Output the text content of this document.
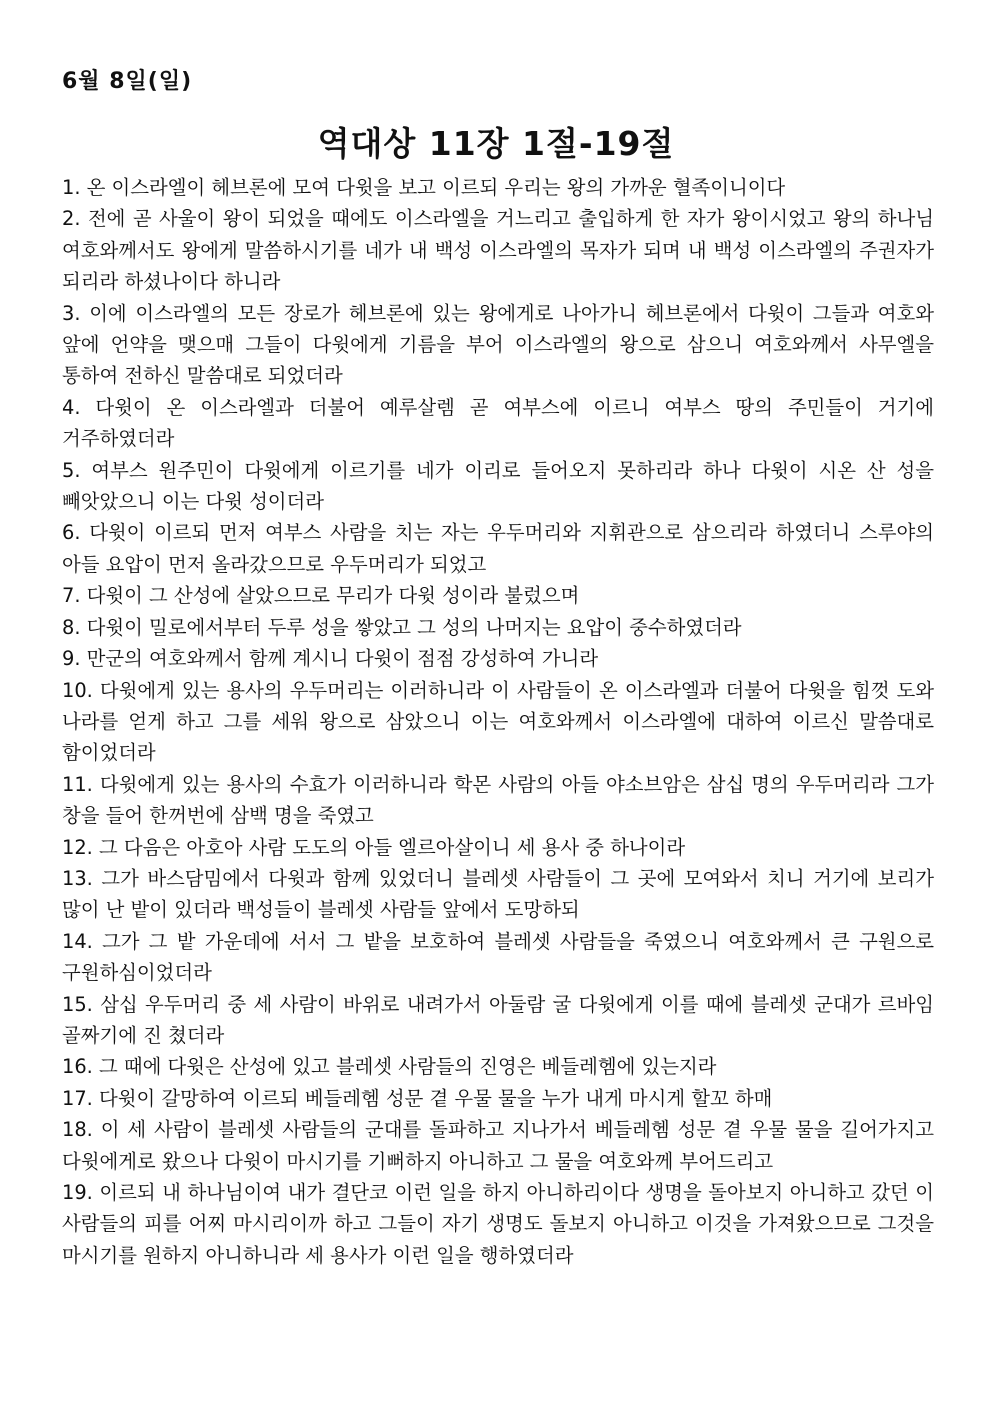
6월 8일(일)
역대상 11장 1절-19절

1. 온 이스라엘이 헤브론에 모여 다윗을 보고 이르되 우리는 왕의 가까운 혈족이니이다

2. 전에 곧 사울이 왕이 되었을 때에도 이스라엘을 거느리고 출입하게 한 자가 왕이시었고 왕의 하나님 여호와께서도 왕에게 말씀하시기를 네가 내 백성 이스라엘의 목자가 되며 내 백성 이스라엘의 주권자가 되리라 하셨나이다 하니라

3. 이에 이스라엘의 모든 장로가 헤브론에 있는 왕에게로 나아가니 헤브론에서 다윗이 그들과 여호와 앞에 언약을 맺으매 그들이 다윗에게 기름을 부어 이스라엘의 왕으로 삼으니 여호와께서 사무엘을 통하여 전하신 말씀대로 되었더라

4. 다윗이 온 이스라엘과 더불어 예루살렘 곧 여부스에 이르니 여부스 땅의 주민들이 거기에 거주하였더라

5. 여부스 원주민이 다윗에게 이르기를 네가 이리로 들어오지 못하리라 하나 다윗이 시온 산 성을 빼앗았으니 이는 다윗 성이더라

6. 다윗이 이르되 먼저 여부스 사람을 치는 자는 우두머리와 지휘관으로 삼으리라 하였더니 스루야의 아들 요압이 먼저 올라갔으므로 우두머리가 되었고

7. 다윗이 그 산성에 살았으므로 무리가 다윗 성이라 불렀으며

8. 다윗이 밀로에서부터 두루 성을 쌓았고 그 성의 나머지는 요압이 중수하였더라

9. 만군의 여호와께서 함께 계시니 다윗이 점점 강성하여 가니라

10. 다윗에게 있는 용사의 우두머리는 이러하니라 이 사람들이 온 이스라엘과 더불어 다윗을 힘껏 도와 나라를 얻게 하고 그를 세워 왕으로 삼았으니 이는 여호와께서 이스라엘에 대하여 이르신 말씀대로 함이었더라

11. 다윗에게 있는 용사의 수효가 이러하니라 학몬 사람의 아들 야소브암은 삼십 명의 우두머리라 그가 창을 들어 한꺼번에 삼백 명을 죽였고

12. 그 다음은 아호아 사람 도도의 아들 엘르아살이니 세 용사 중 하나이라

13. 그가 바스담밈에서 다윗과 함께 있었더니 블레셋 사람들이 그 곳에 모여와서 치니 거기에 보리가 많이 난 밭이 있더라 백성들이 블레셋 사람들 앞에서 도망하되

14. 그가 그 밭 가운데에 서서 그 밭을 보호하여 블레셋 사람들을 죽였으니 여호와께서 큰 구원으로 구원하심이었더라

15. 삼십 우두머리 중 세 사람이 바위로 내려가서 아둘람 굴 다윗에게 이를 때에 블레셋 군대가 르바임 골짜기에 진 쳤더라

16. 그 때에 다윗은 산성에 있고 블레셋 사람들의 진영은 베들레헴에 있는지라

17. 다윗이 갈망하여 이르되 베들레헴 성문 곁 우물 물을 누가 내게 마시게 할꼬 하매

18. 이 세 사람이 블레셋 사람들의 군대를 돌파하고 지나가서 베들레헴 성문 곁 우물 물을 길어가지고 다윗에게로 왔으나 다윗이 마시기를 기뻐하지 아니하고 그 물을 여호와께 부어드리고

19. 이르되 내 하나님이여 내가 결단코 이런 일을 하지 아니하리이다 생명을 돌아보지 아니하고 갔던 이 사람들의 피를 어찌 마시리이까 하고 그들이 자기 생명도 돌보지 아니하고 이것을 가져왔으므로 그것을 마시기를 원하지 아니하니라 세 용사가 이런 일을 행하였더라
